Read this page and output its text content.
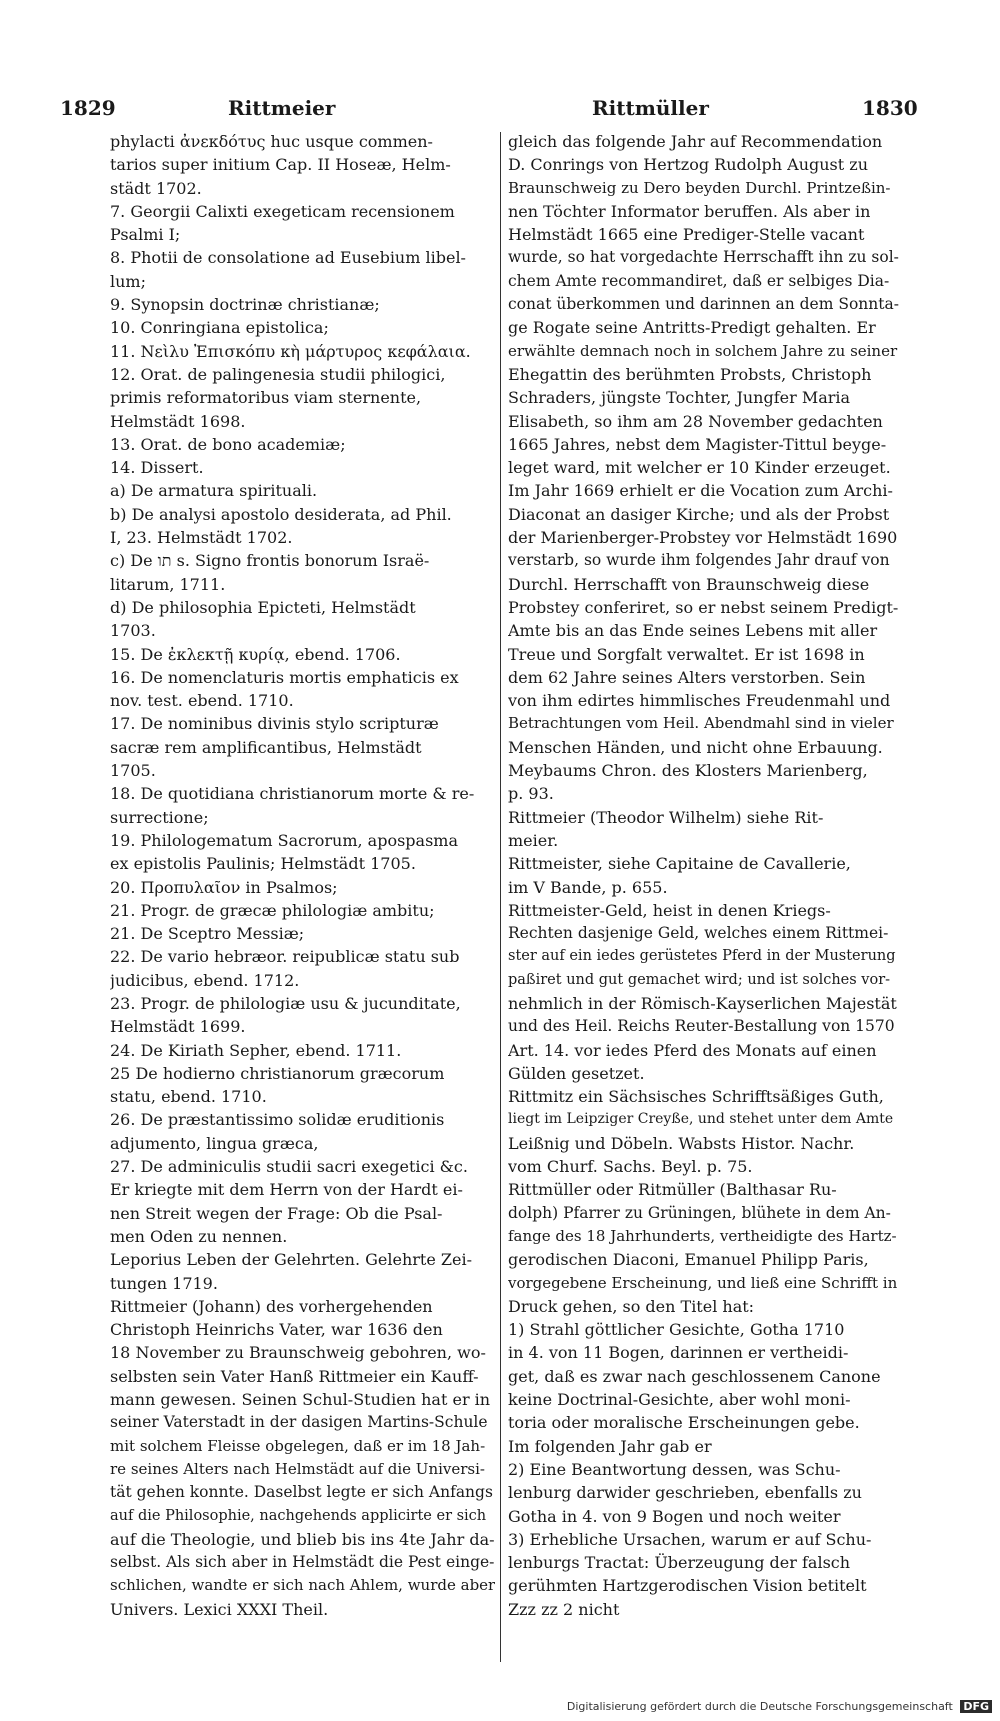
1829	Rittmeier	Rittmüller	1830
phylacti ἀνεκδότυς huc usque commen-
tarios super initium Cap. II Hoseæ, Helm-
städt 1702.
7. Georgii Calixti exegeticam recensionem
Psalmi I;
8. Photii de consolatione ad Eusebium libel-
lum;
9. Synopsin doctrinæ christianæ;
10. Conringiana epistolica;
11. Νεὶλυ Ἐπισκόπυ κὴ μάρτυρος κεφάλαια.
12. Orat. de palingenesia studii philogici,
primis reformatoribus viam sternente,
Helmstädt 1698.
13. Orat. de bono academiæ;
14. Dissert.
a) De armatura spirituali.
b) De analysi apostolo desiderata, ad Phil.
I, 23. Helmstädt 1702.
c) De תו s. Signo frontis bonorum Israë-
litarum, 1711.
d) De philosophia Epicteti, Helmstädt
1703.
15. De ἐκλεκτῇ κυρίᾳ, ebend. 1706.
16. De nomenclaturis mortis emphaticis ex
nov. test. ebend. 1710.
17. De nominibus divinis stylo scripturæ
sacræ rem amplificantibus, Helmstädt
1705.
18. De quotidiana christianorum morte & re-
surrectione;
19. Philologematum Sacrorum, apospasma
ex epistolis Paulinis; Helmstädt 1705.
20. Προπυλαῖον in Psalmos;
21. Progr. de græcæ philologiæ ambitu;
21. De Sceptro Messiæ;
22. De vario hebræor. reipublicæ statu sub
judicibus, ebend. 1712.
23. Progr. de philologiæ usu & jucunditate,
Helmstädt 1699.
24. De Kiriath Sepher, ebend. 1711.
25 De hodierno christianorum græcorum
statu, ebend. 1710.
26. De præstantissimo solidæ eruditionis
adjumento, lingua græca,
27. De adminiculis studii sacri exegetici &c.
Er kriegte mit dem Herrn von der Hardt ei-
nen Streit wegen der Frage: Ob die Psal-
men Oden zu nennen.
Leporius Leben der Gelehrten. Gelehrte Zei-
tungen 1719.
Rittmeier (Johann) des vorhergehenden
Christoph Heinrichs Vater, war 1636 den
18 November zu Braunschweig gebohren, wo-
selbsten sein Vater Hanß Rittmeier ein Kauff-
mann gewesen. Seinen Schul-Studien hat er in
seiner Vaterstadt in der dasigen Martins-Schule
mit solchem Fleisse obgelegen, daß er im 18 Jah-
re seines Alters nach Helmstädt auf die Universi-
tät gehen konnte. Daselbst legte er sich Anfangs
auf die Philosophie, nachgehends applicirte er sich
auf die Theologie, und blieb bis ins 4te Jahr da-
selbst. Als sich aber in Helmstädt die Pest einge-
schlichen, wandte er sich nach Ahlem, wurde aber
Univers. Lexici XXXI Theil.
gleich das folgende Jahr auf Recommendation
D. Conrings von Hertzog Rudolph August zu
Braunschweig zu Dero beyden Durchl. Printzeßin-
nen Töchter Informator beruffen. Als aber in
Helmstädt 1665 eine Prediger-Stelle vacant
wurde, so hat vorgedachte Herrschafft ihn zu sol-
chem Amte recommandiret, daß er selbiges Dia-
conat überkommen und darinnen an dem Sonnta-
ge Rogate seine Antritts-Predigt gehalten. Er
erwählte demnach noch in solchem Jahre zu seiner
Ehegattin des berühmten Probsts, Christoph
Schraders, jüngste Tochter, Jungfer Maria
Elisabeth, so ihm am 28 November gedachten
1665 Jahres, nebst dem Magister-Tittul beyge-
leget ward, mit welcher er 10 Kinder erzeuget.
Im Jahr 1669 erhielt er die Vocation zum Archi-
Diaconat an dasiger Kirche; und als der Probst
der Marienberger-Probstey vor Helmstädt 1690
verstarb, so wurde ihm folgendes Jahr drauf von
Durchl. Herrschafft von Braunschweig diese
Probstey conferiret, so er nebst seinem Predigt-
Amte bis an das Ende seines Lebens mit aller
Treue und Sorgfalt verwaltet. Er ist 1698 in
dem 62 Jahre seines Alters verstorben. Sein
von ihm edirtes himmlisches Freudenmahl und
Betrachtungen vom Heil. Abendmahl sind in vieler
Menschen Händen, und nicht ohne Erbauung.
Meybaums Chron. des Klosters Marienberg,
p. 93.
Rittmeier (Theodor Wilhelm) siehe Rit-
meier.
Rittmeister, siehe Capitaine de Cavallerie,
im V Bande, p. 655.
Rittmeister-Geld, heist in denen Kriegs-
Rechten dasjenige Geld, welches einem Rittmei-
ster auf ein iedes gerüstetes Pferd in der Musterung
paßiret und gut gemachet wird; und ist solches vor-
nehmlich in der Römisch-Kayserlichen Majestät
und des Heil. Reichs Reuter-Bestallung von 1570
Art. 14. vor iedes Pferd des Monats auf einen
Gülden gesetzet.
Rittmitz ein Sächsisches Schrifftsäßiges Guth,
liegt im Leipziger Creyße, und stehet unter dem Amte
Leißnig und Döbeln. Wabsts Histor. Nachr.
vom Churf. Sachs. Beyl. p. 75.
Rittmüller oder Ritmüller (Balthasar Ru-
dolph) Pfarrer zu Grüningen, blühete in dem An-
fange des 18 Jahrhunderts, vertheidigte des Hartz-
gerodischen Diaconi, Emanuel Philipp Paris,
vorgegebene Erscheinung, und ließ eine Schrifft in
Druck gehen, so den Titel hat:
1) Strahl göttlicher Gesichte, Gotha 1710
in 4. von 11 Bogen, darinnen er vertheidi-
get, daß es zwar nach geschlossenem Canone
keine Doctrinal-Gesichte, aber wohl moni-
toria oder moralische Erscheinungen gebe.
Im folgenden Jahr gab er
2) Eine Beantwortung dessen, was Schu-
lenburg darwider geschrieben, ebenfalls zu
Gotha in 4. von 9 Bogen und noch weiter
3) Erhebliche Ursachen, warum er auf Schu-
lenburgs Tractat: Überzeugung der falsch
gerühmten Hartzgerodischen Vision betitelt
Zzz zz 2 nicht
Digitalisierung gefördert durch die Deutsche Forschungsgemeinschaft DFG
